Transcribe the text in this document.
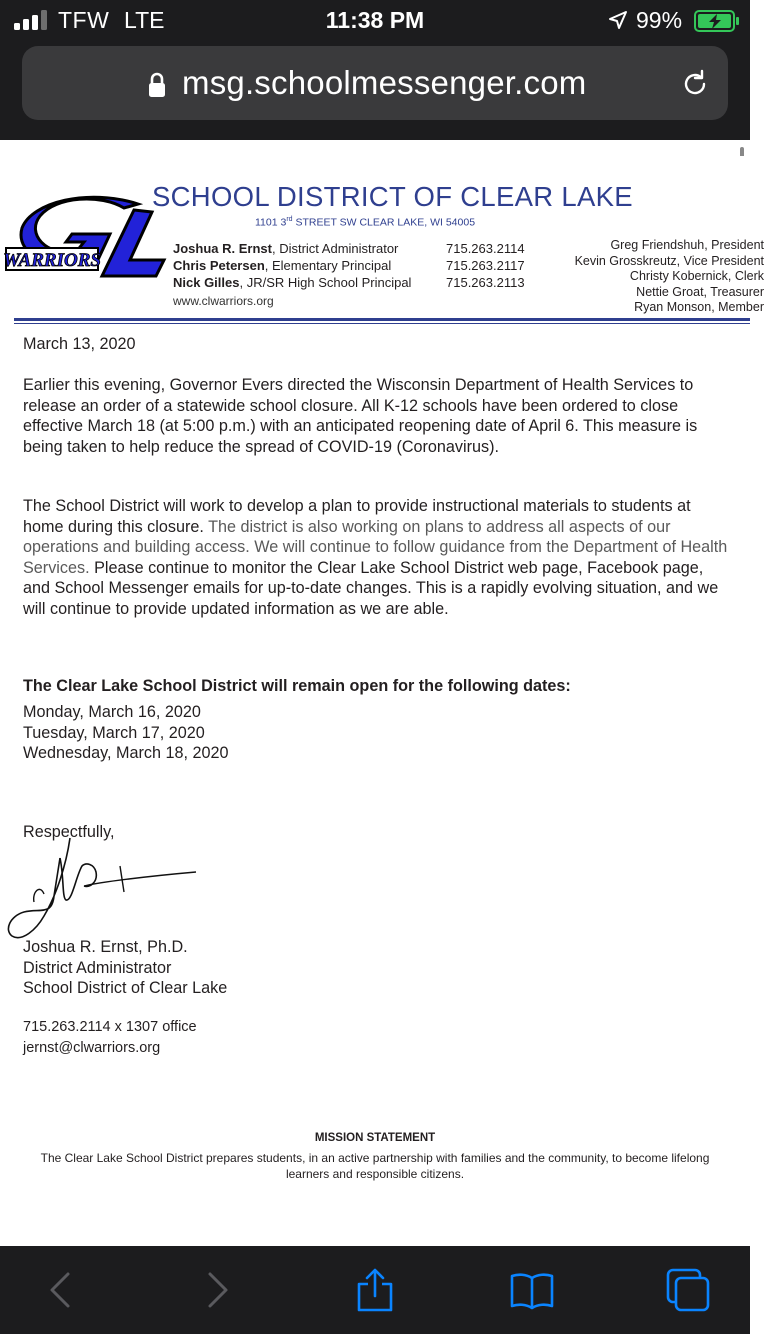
TFW LTE	11:38 PM	99%
msg.schoolmessenger.com
WARRIORS
SCHOOL DISTRICT OF CLEAR LAKE
1101 3rd STREET SW CLEAR LAKE, WI 54005
Joshua R. Ernst, District Administrator
Chris Petersen, Elementary Principal
Nick Gilles, JR/SR High School Principal
715.263.2114
715.263.2117
715.263.2113
www.clwarriors.org
Greg Friendshuh, President
Kevin Grosskreutz, Vice President
Christy Kobernick, Clerk
Nettie Groat, Treasurer
Ryan Monson, Member
March 13, 2020
Earlier this evening, Governor Evers directed the Wisconsin Department of Health Services to release an order of a statewide school closure. All K-12 schools have been ordered to close effective March 18 (at 5:00 p.m.) with an anticipated reopening date of April 6. This measure is being taken to help reduce the spread of COVID-19 (Coronavirus).
The School District will work to develop a plan to provide instructional materials to students at home during this closure. The district is also working on plans to address all aspects of our operations and building access. We will continue to follow guidance from the Department of Health Services. Please continue to monitor the Clear Lake School District web page, Facebook page, and School Messenger emails for up-to-date changes. This is a rapidly evolving situation, and we will continue to provide updated information as we are able.
The Clear Lake School District will remain open for the following dates:
Monday, March 16, 2020
Tuesday, March 17, 2020
Wednesday, March 18, 2020
Respectfully,
Joshua R. Ernst, Ph.D.
District Administrator
School District of Clear Lake
715.263.2114 x 1307 office
jernst@clwarriors.org
MISSION STATEMENT
The Clear Lake School District prepares students, in an active partnership with families and the community, to become lifelong learners and responsible citizens.
